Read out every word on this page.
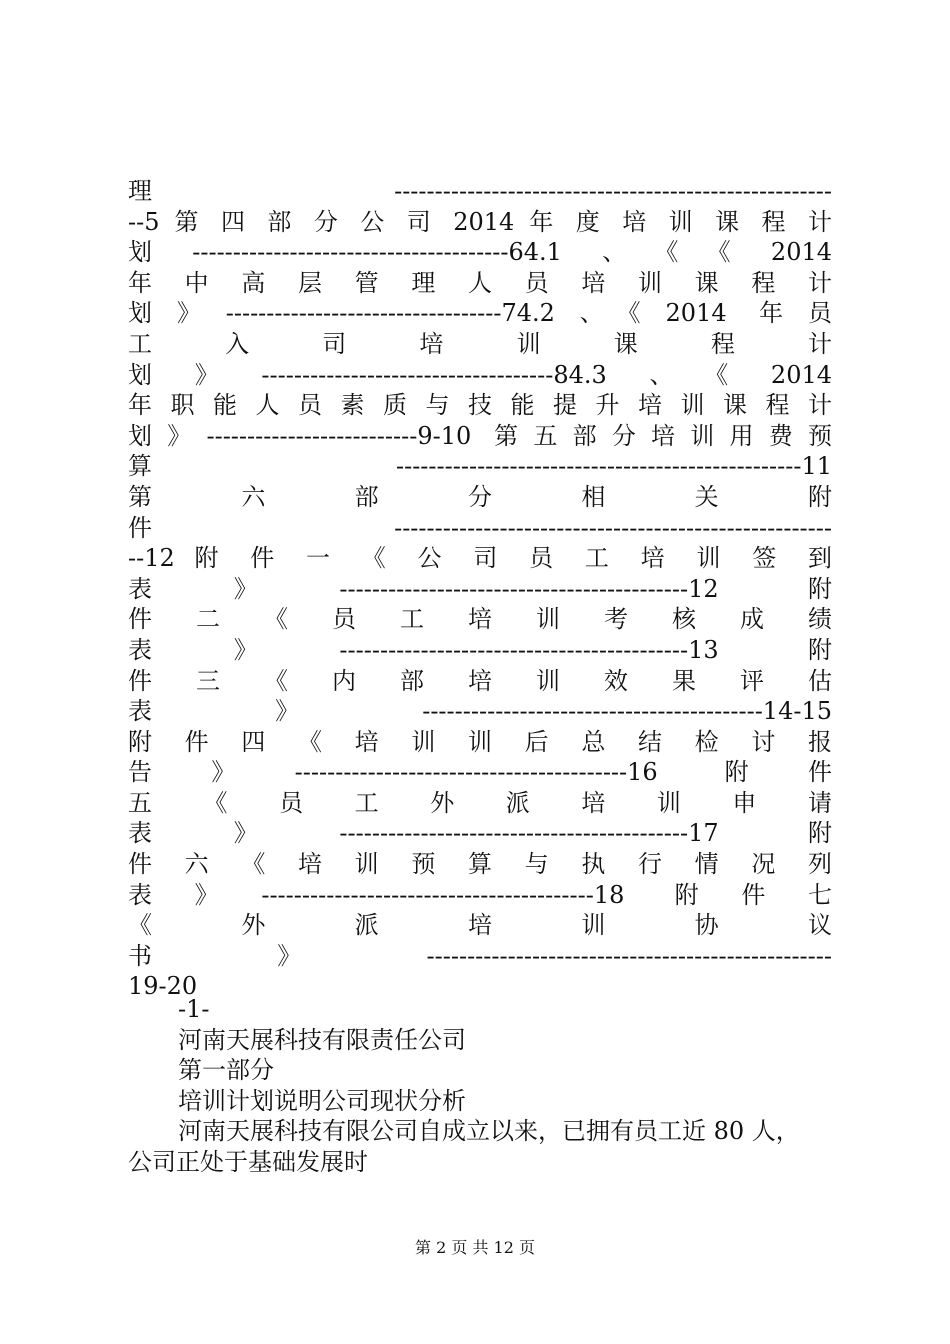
理------------------------------------------------------
--5 第 四 部 分 公 司 2014 年 度 培 训 课 程 计
划---------------------------------------64.1、《《2014
年 中 高 层 管 理 人 员 培 训 课 程 计
划》----------------------------------74.2、《2014 年员
工 入 司 培 训 课 程 计
划》------------------------------------84.3、《2014
年 职 能 人 员 素 质 与 技 能 提 升 培 训 课 程 计
划》--------------------------9-10 第五部分培训用费预
算--------------------------------------------------11
第 六 部 分 相 关 附
件------------------------------------------------------
--12 附 件 一 《 公 司 员 工 培 训 签 到
表》-------------------------------------------12 附
件 二 《 员 工 培 训 考 核 成 绩
表》-------------------------------------------13 附
件 三 《 内 部 培 训 效 果 评 估
表》------------------------------------------14-15
附 件 四 《 培 训 训 后 总 结 检 讨 报
告》-----------------------------------------16 附件
五 《 员 工 外 派 培 训 申 请
表》-------------------------------------------17 附
件 六 《 培 训 预 算 与 执 行 情 况 列
表》-----------------------------------------18 附件七
《 外 派 培 训 协 议
书》--------------------------------------------------
19-20
-1-
河南天展科技有限责任公司
第一部分
培训计划说明公司现状分析
河南天展科技有限公司自成立以来，已拥有员工近 80 人，
公司正处于基础发展时
第 2 页 共 12 页
